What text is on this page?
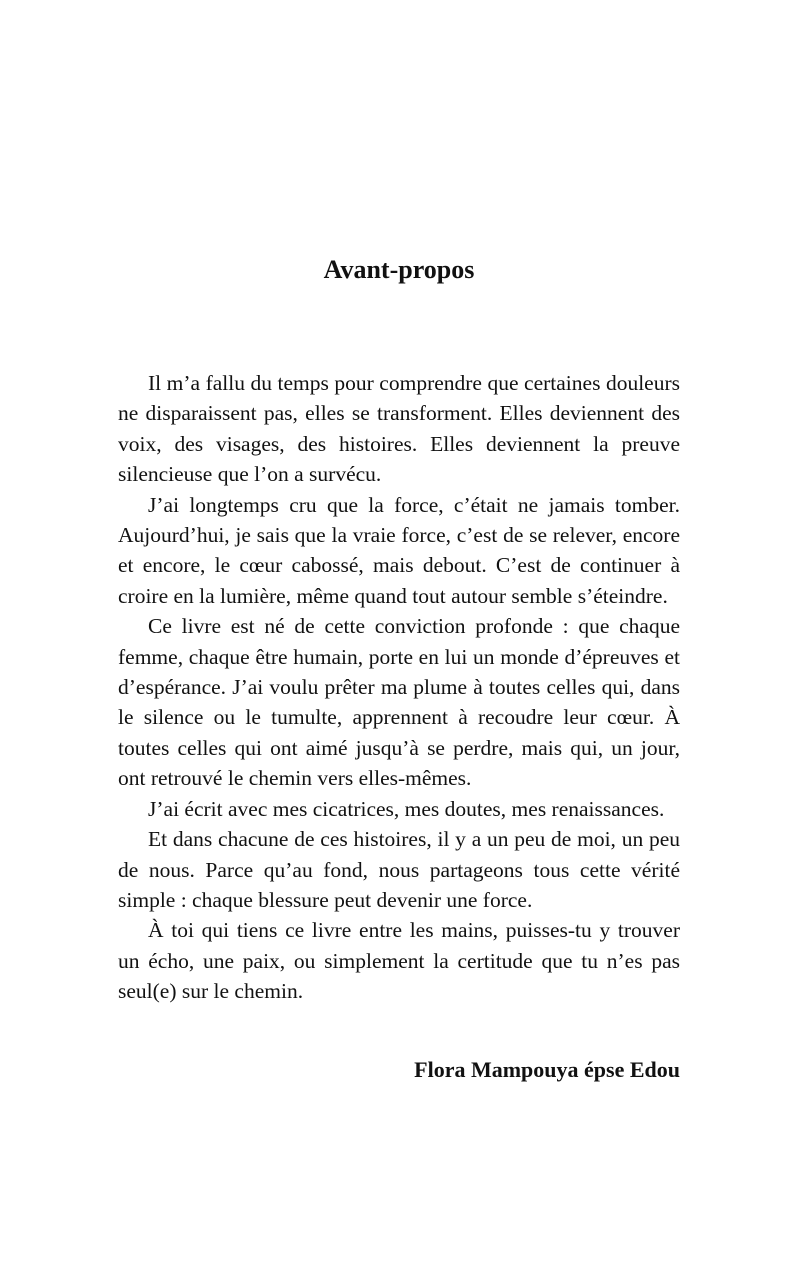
Avant-propos

Il m’a fallu du temps pour comprendre que certaines douleurs ne disparaissent pas, elles se transforment. Elles deviennent des voix, des visages, des histoires. Elles deviennent la preuve silencieuse que l’on a survécu.

J’ai longtemps cru que la force, c’était ne jamais tomber. Aujourd’hui, je sais que la vraie force, c’est de se relever, encore et encore, le cœur cabossé, mais debout. C’est de continuer à croire en la lumière, même quand tout autour semble s’éteindre.

Ce livre est né de cette conviction profonde : que chaque femme, chaque être humain, porte en lui un monde d’épreuves et d’espérance. J’ai voulu prêter ma plume à toutes celles qui, dans le silence ou le tumulte, apprennent à recoudre leur cœur. À toutes celles qui ont aimé jusqu’à se perdre, mais qui, un jour, ont retrouvé le chemin vers elles-mêmes.

J’ai écrit avec mes cicatrices, mes doutes, mes renaissances.

Et dans chacune de ces histoires, il y a un peu de moi, un peu de nous. Parce qu’au fond, nous partageons tous cette vérité simple : chaque blessure peut devenir une force.

À toi qui tiens ce livre entre les mains, puisses-tu y trouver un écho, une paix, ou simplement la certitude que tu n’es pas seul(e) sur le chemin.

Flora Mampouya épse Edou
